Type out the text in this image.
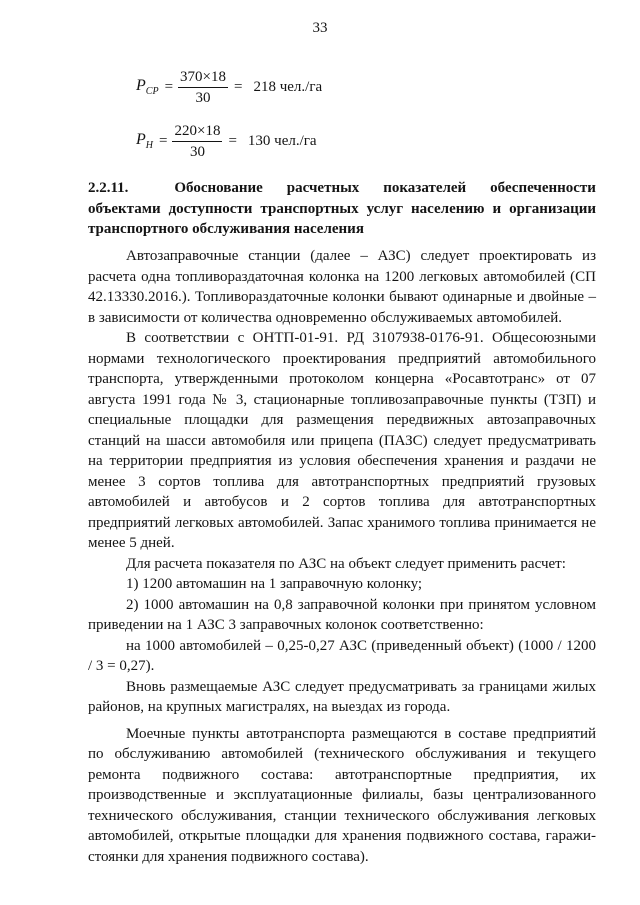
33
$P_{СР} = \frac{370\times 18}{30} = 218$ чел./га
$P_Н = \frac{220\times 18}{30} = 130$ чел./га
2.2.11.	Обоснование расчетных показателей обеспеченности
объектами доступности транспортных услуг населению и организации транспортного обслуживания населения

Автозаправочные станции (далее – АЗС) следует проектировать из расчета одна топливораздаточная колонка на 1200 легковых автомобилей (СП 42.13330.2016.). Топливораздаточные колонки бывают одинарные и двойные – в зависимости от количества одновременно обслуживаемых автомобилей.

В соответствии с ОНТП-01-91. РД 3107938-0176-91. Общесоюзными нормами технологического проектирования предприятий автомобильного транспорта, утвержденными протоколом концерна «Росавтотранс» от 07 августа 1991 года № 3, стационарные топливозаправочные пункты (ТЗП) и специальные площадки для размещения передвижных автозаправочных станций на шасси автомобиля или прицепа (ПАЗС) следует предусматривать на территории предприятия из условия обеспечения хранения и раздачи не менее 3 сортов топлива для автотранспортных предприятий грузовых автомобилей и автобусов и 2 сортов топлива для автотранспортных предприятий легковых автомобилей. Запас хранимого топлива принимается не менее 5 дней.

Для расчета показателя по АЗС на объект следует применить расчет:

1) 1200 автомашин на 1 заправочную колонку;

2) 1000 автомашин на 0,8 заправочной колонки при принятом условном приведении на 1 АЗС 3 заправочных колонок соответственно:

на 1000 автомобилей – 0,25-0,27 АЗС (приведенный объект) (1000 / 1200 / 3 = 0,27).

Вновь размещаемые АЗС следует предусматривать за границами жилых районов, на крупных магистралях, на выездах из города.

Моечные пункты автотранспорта размещаются в составе предприятий по обслуживанию автомобилей (технического обслуживания и текущего ремонта подвижного состава: автотранспортные предприятия, их производственные и эксплуатационные филиалы, базы централизованного технического обслуживания, станции технического обслуживания легковых автомобилей, открытые площадки для хранения подвижного состава, гаражи-стоянки для хранения подвижного состава).
